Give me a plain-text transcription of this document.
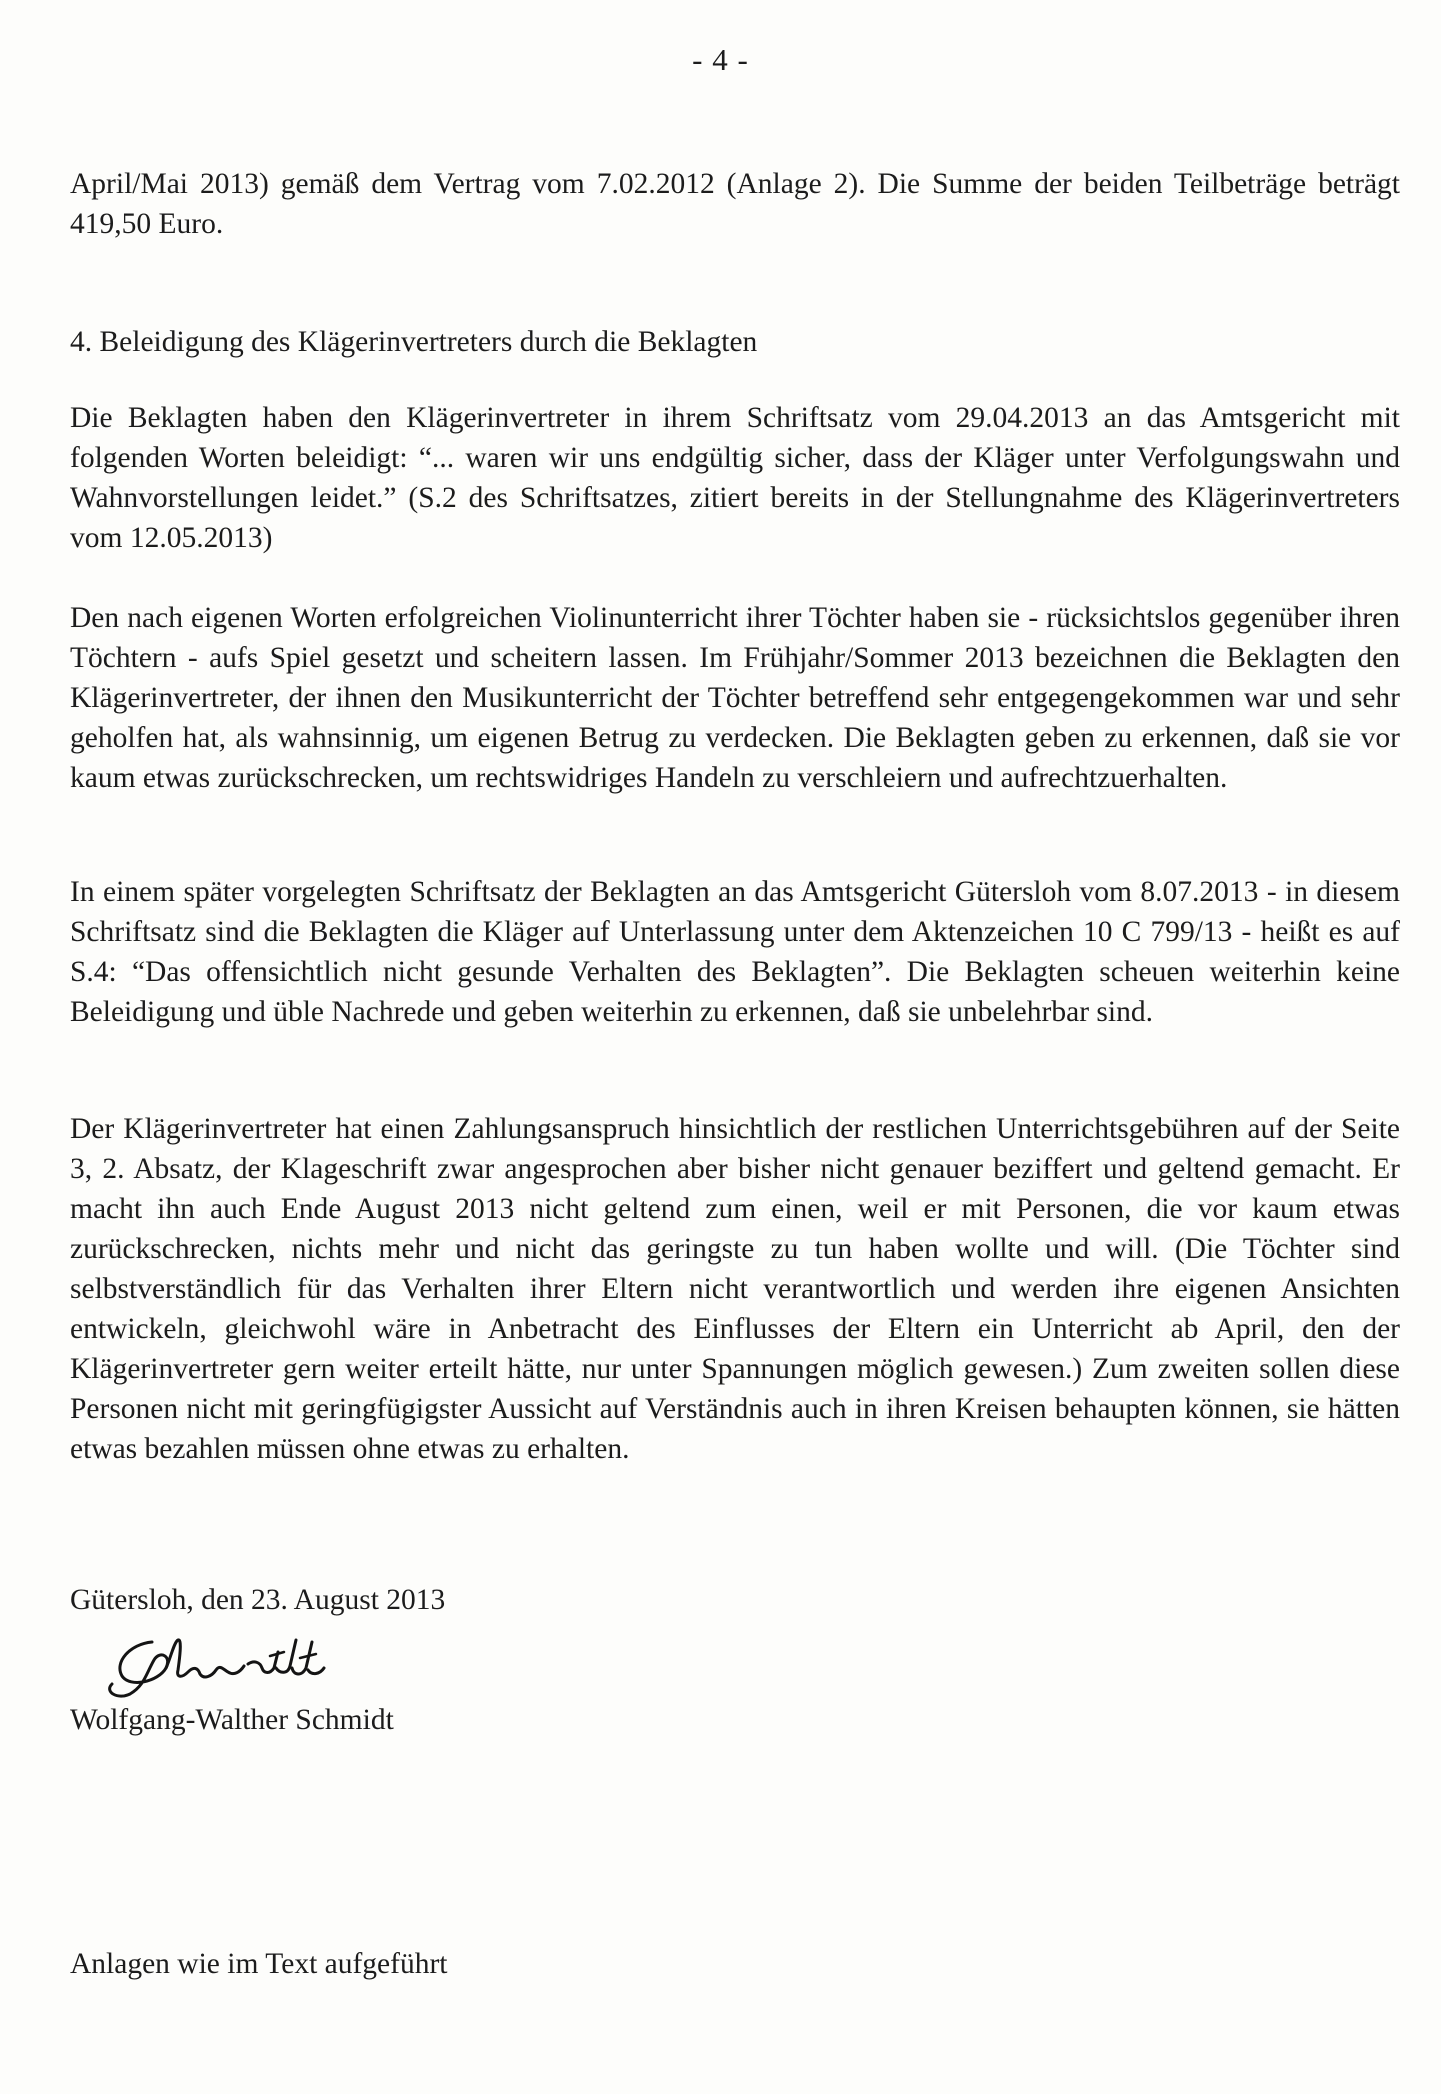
- 4 -

April/Mai 2013) gemäß dem Vertrag vom 7.02.2012 (Anlage 2). Die Summe der beiden Teilbeträge beträgt 419,50 Euro.

4. Beleidigung des Klägerinvertreters durch die Beklagten

Die Beklagten haben den Klägerinvertreter in ihrem Schriftsatz vom 29.04.2013 an das Amtsgericht mit folgenden Worten beleidigt: “... waren wir uns endgültig sicher, dass der Kläger unter Verfolgungswahn und Wahnvorstellungen leidet.” (S.2 des Schriftsatzes, zitiert bereits in der Stellungnahme des Klägerinvertreters vom 12.05.2013)

Den nach eigenen Worten erfolgreichen Violinunterricht ihrer Töchter haben sie - rücksichtslos gegenüber ihren Töchtern - aufs Spiel gesetzt und scheitern lassen. Im Frühjahr/Sommer 2013 bezeichnen die Beklagten den Klägerinvertreter, der ihnen den Musikunterricht der Töchter betreffend sehr entgegengekommen war und sehr geholfen hat, als wahnsinnig, um eigenen Betrug zu verdecken. Die Beklagten geben zu erkennen, daß sie vor kaum etwas zurückschrecken, um rechtswidriges Handeln zu verschleiern und aufrechtzuerhalten.

In einem später vorgelegten Schriftsatz der Beklagten an das Amtsgericht Gütersloh vom 8.07.2013 - in diesem Schriftsatz sind die Beklagten die Kläger auf Unterlassung unter dem Aktenzeichen 10 C 799/13 - heißt es auf S.4: “Das offensichtlich nicht gesunde Verhalten des Beklagten”. Die Beklagten scheuen weiterhin keine Beleidigung und üble Nachrede und geben weiterhin zu erkennen, daß sie unbelehrbar sind.

Der Klägerinvertreter hat einen Zahlungsanspruch hinsichtlich der restlichen Unterrichtsgebühren auf der Seite 3, 2. Absatz, der Klageschrift zwar angesprochen aber bisher nicht genauer beziffert und geltend gemacht. Er macht ihn auch Ende August 2013 nicht geltend zum einen, weil er mit Personen, die vor kaum etwas zurückschrecken, nichts mehr und nicht das geringste zu tun haben wollte und will. (Die Töchter sind selbstverständlich für das Verhalten ihrer Eltern nicht verantwortlich und werden ihre eigenen Ansichten entwickeln, gleichwohl wäre in Anbetracht des Einflusses der Eltern ein Unterricht ab April, den der Klägerinvertreter gern weiter erteilt hätte, nur unter Spannungen möglich gewesen.) Zum zweiten sollen diese Personen nicht mit geringfügigster Aussicht auf Verständnis auch in ihren Kreisen behaupten können, sie hätten etwas bezahlen müssen ohne etwas zu erhalten.

Gütersloh, den 23. August 2013
Wolfgang-Walther Schmidt
Anlagen wie im Text aufgeführt
